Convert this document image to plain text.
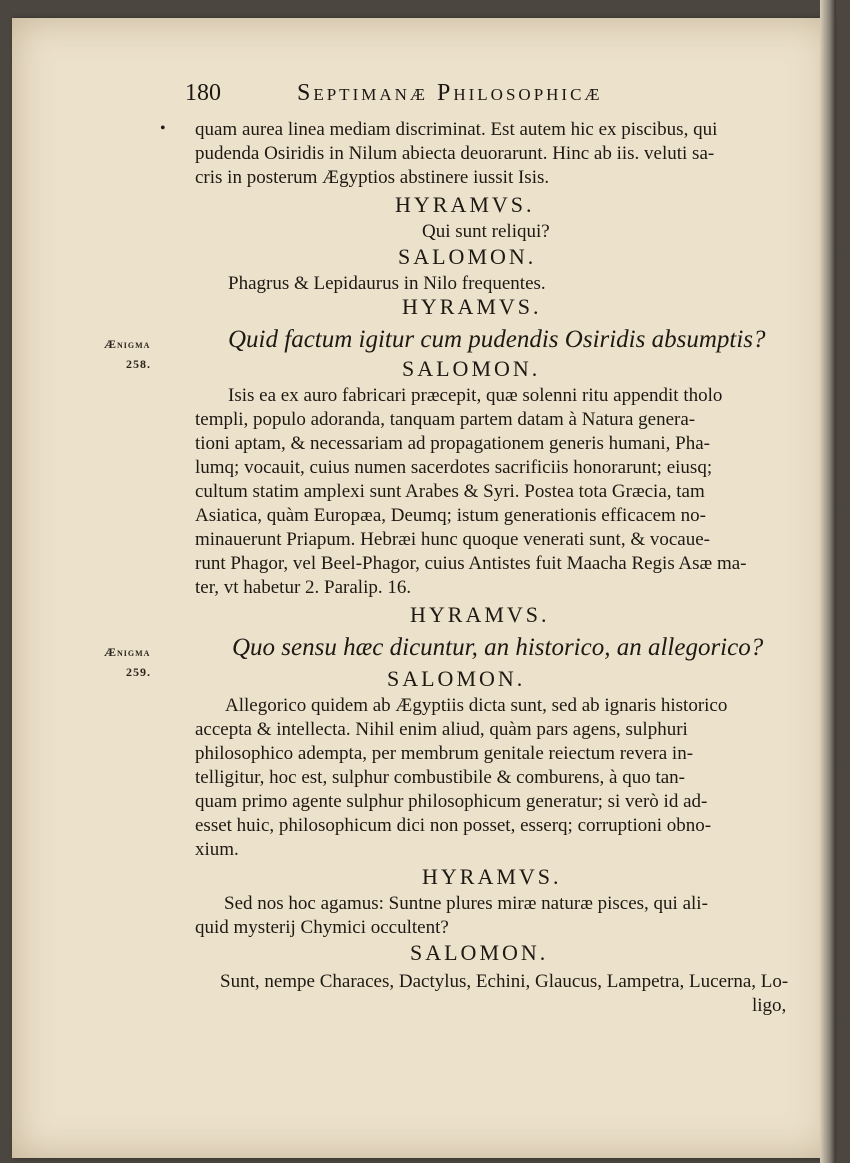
180	Septimanæ Philosophicæ
• quam aurea linea mediam discriminat. Est autem hic ex piscibus, qui
pudenda Osiridis in Nilum abiecta deuorarunt. Hinc ab iis. veluti sa-
cris in posterum Ægyptios abstinere iussit Isis.
HYRAMVS.
Qui sunt reliqui?
SALOMON.
Phagrus & Lepidaurus in Nilo frequentes.
HYRAMVS.
Ænigma
258.
Quid factum igitur cum pudendis Osiridis absumptis?
SALOMON.
Isis ea ex auro fabricari præcepit, quæ solenni ritu appendit tholo
templi, populo adoranda, tanquam partem datam à Natura genera-
tioni aptam, & necessariam ad propagationem generis humani, Pha-
lumq; vocauit, cuius numen sacerdotes sacrificiis honorarunt; eiusq;
cultum statim amplexi sunt Arabes & Syri. Postea tota Græcia, tam
Asiatica, quàm Europæa, Deumq; istum generationis efficacem no-
minauerunt Priapum. Hebræi hunc quoque venerati sunt, & vocaue-
runt Phagor, vel Beel-Phagor, cuius Antistes fuit Maacha Regis Asæ ma-
ter, vt habetur 2. Paralip. 16.
HYRAMVS.
Ænigma
259.
Quo sensu hæc dicuntur, an historico, an allegorico?
SALOMON.
Allegorico quidem ab Ægyptiis dicta sunt, sed ab ignaris historico
accepta & intellecta. Nihil enim aliud, quàm pars agens, sulphuri
philosophico adempta, per membrum genitale reiectum revera in-
telligitur, hoc est, sulphur combustibile & comburens, à quo tan-
quam primo agente sulphur philosophicum generatur; si verò id ad-
esset huic, philosophicum dici non posset, esserq; corruptioni obno-
xium.
HYRAMVS.
Sed nos hoc agamus: Suntne plures miræ naturæ pisces, qui ali-
quid mysterij Chymici occultent?
SALOMON.
Sunt, nempe Characes, Dactylus, Echini, Glaucus, Lampetra, Lucerna, Lo-
ligo,
